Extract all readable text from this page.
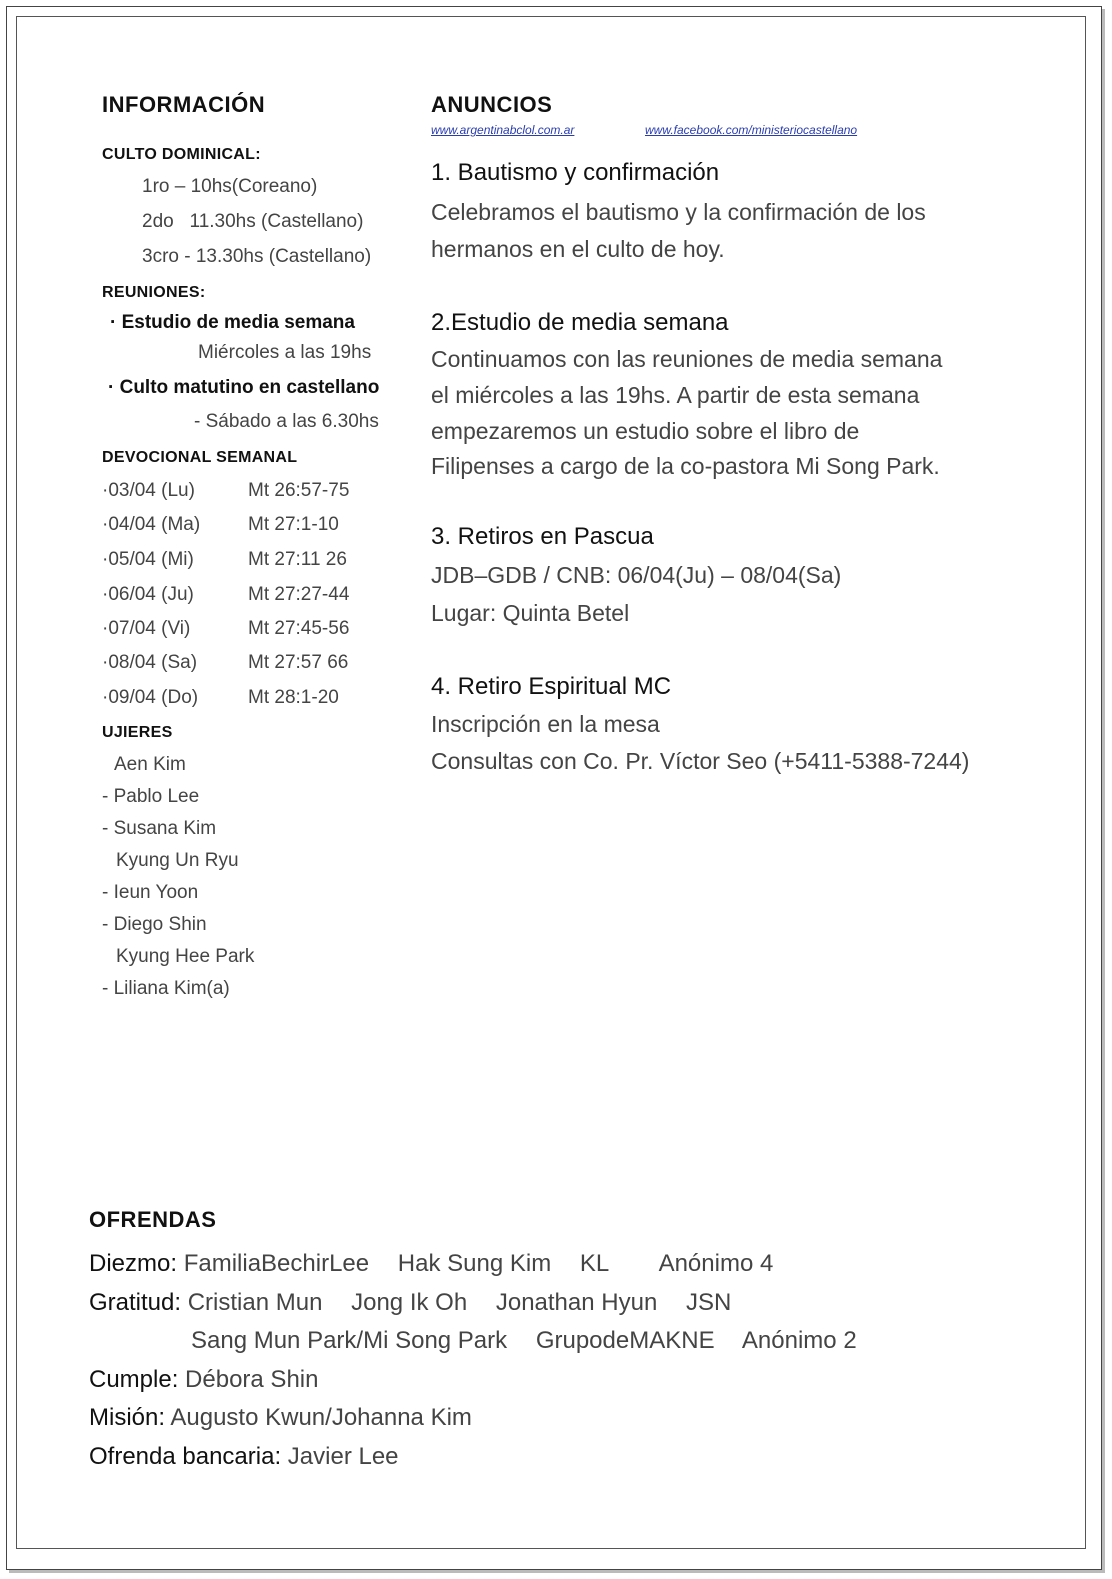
INFORMACIÓN
CULTO DOMINICAL:
1ro – 10hs(Coreano)
2do   11.30hs (Castellano)
3cro - 13.30hs (Castellano)
REUNIONES:
· Estudio de media semana
Miércoles a las 19hs
· Culto matutino en castellano
- Sábado a las 6.30hs
DEVOCIONAL SEMANAL
·03/04 (Lu)	Mt 26:57-75
·04/04 (Ma)	Mt 27:1-10
·05/04 (Mi)	Mt 27:11 26
·06/04 (Ju)	Mt 27:27-44
·07/04 (Vi)	Mt 27:45-56
·08/04 (Sa)	Mt 27:57 66
·09/04 (Do)	Mt 28:1-20
UJIERES
Aen Kim
- Pablo Lee
- Susana Kim
Kyung Un Ryu
- Ieun Yoon
- Diego Shin
Kyung Hee Park
- Liliana Kim(a)
ANUNCIOS
www.argentinabclol.com.ar	www.facebook.com/ministeriocastellano
1. Bautismo y confirmación
Celebramos el bautismo y la confirmación de los
hermanos en el culto de hoy.
2.Estudio de media semana
Continuamos con las reuniones de media semana
el miércoles a las 19hs. A partir de esta semana
empezaremos un estudio sobre el libro de
Filipenses a cargo de la co-pastora Mi Song Park.
3. Retiros en Pascua
JDB–GDB / CNB: 06/04(Ju) – 08/04(Sa)
Lugar: Quinta Betel
4. Retiro Espiritual MC
Inscripción en la mesa
Consultas con Co. Pr. Víctor Seo (+5411-5388-7244)
OFRENDAS
Diezmo: FamiliaBechirLee Hak Sung Kim KL Anónimo 4
Gratitud: Cristian Mun Jong Ik Oh Jonathan Hyun JSN
Sang Mun Park/Mi Song Park GrupodeMAKNE Anónimo 2
Cumple: Débora Shin
Misión: Augusto Kwun/Johanna Kim
Ofrenda bancaria: Javier Lee
